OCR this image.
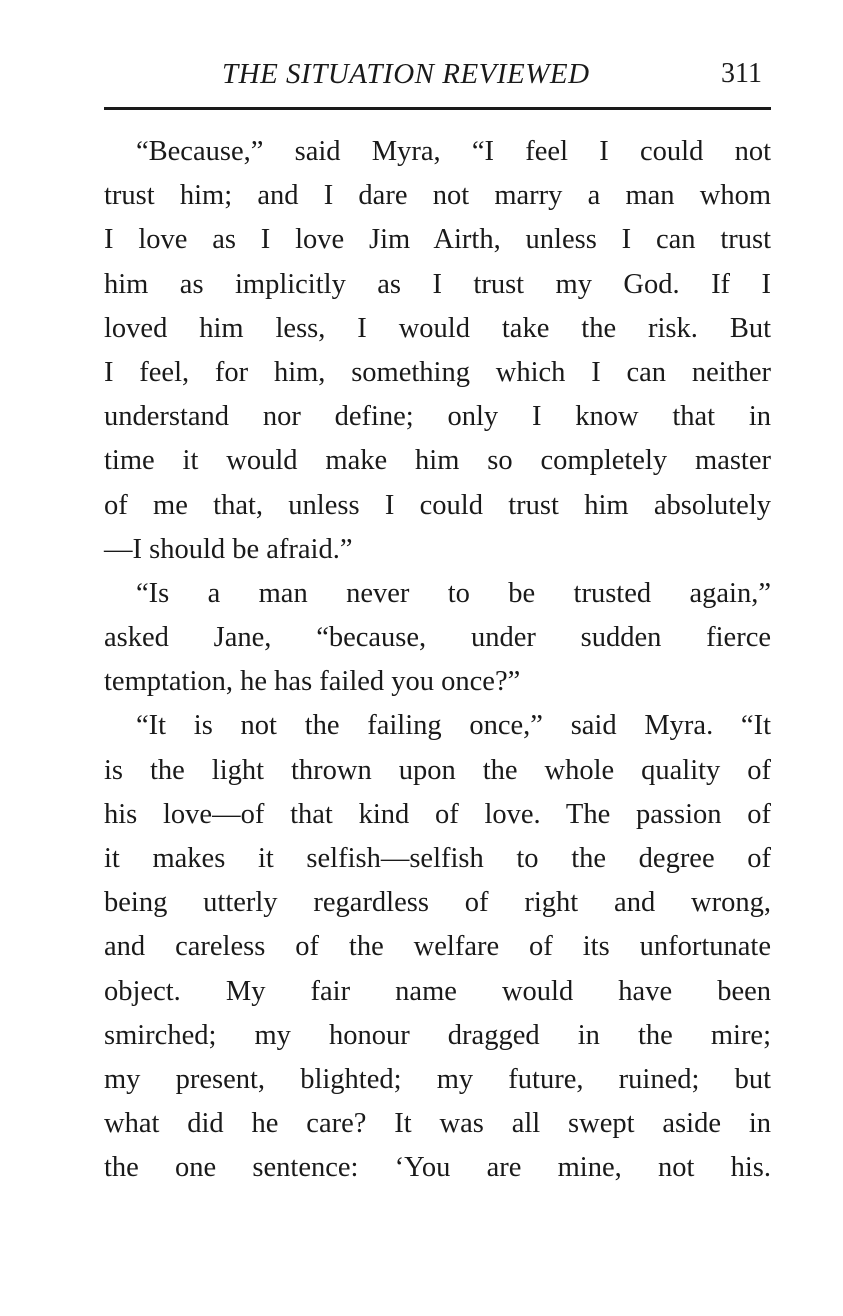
THE SITUATION REVIEWED	311
“Because,” said Myra, “I feel I could not
trust him; and I dare not marry a man whom
I love as I love Jim Airth, unless I can trust
him as implicitly as I trust my God. If I
loved him less, I would take the risk. But
I feel, for him, something which I can neither
understand nor define; only I know that in
time it would make him so completely master
of me that, unless I could trust him absolutely
—I should be afraid.”
“Is a man never to be trusted again,”
asked Jane, “because, under sudden fierce
temptation, he has failed you once?”
“It is not the failing once,” said Myra. “It
is the light thrown upon the whole quality of
his love—of that kind of love. The passion of
it makes it selfish—selfish to the degree of
being utterly regardless of right and wrong,
and careless of the welfare of its unfortunate
object. My fair name would have been
smirched; my honour dragged in the mire;
my present, blighted; my future, ruined; but
what did he care? It was all swept aside in
the one sentence: ‘You are mine, not his.
